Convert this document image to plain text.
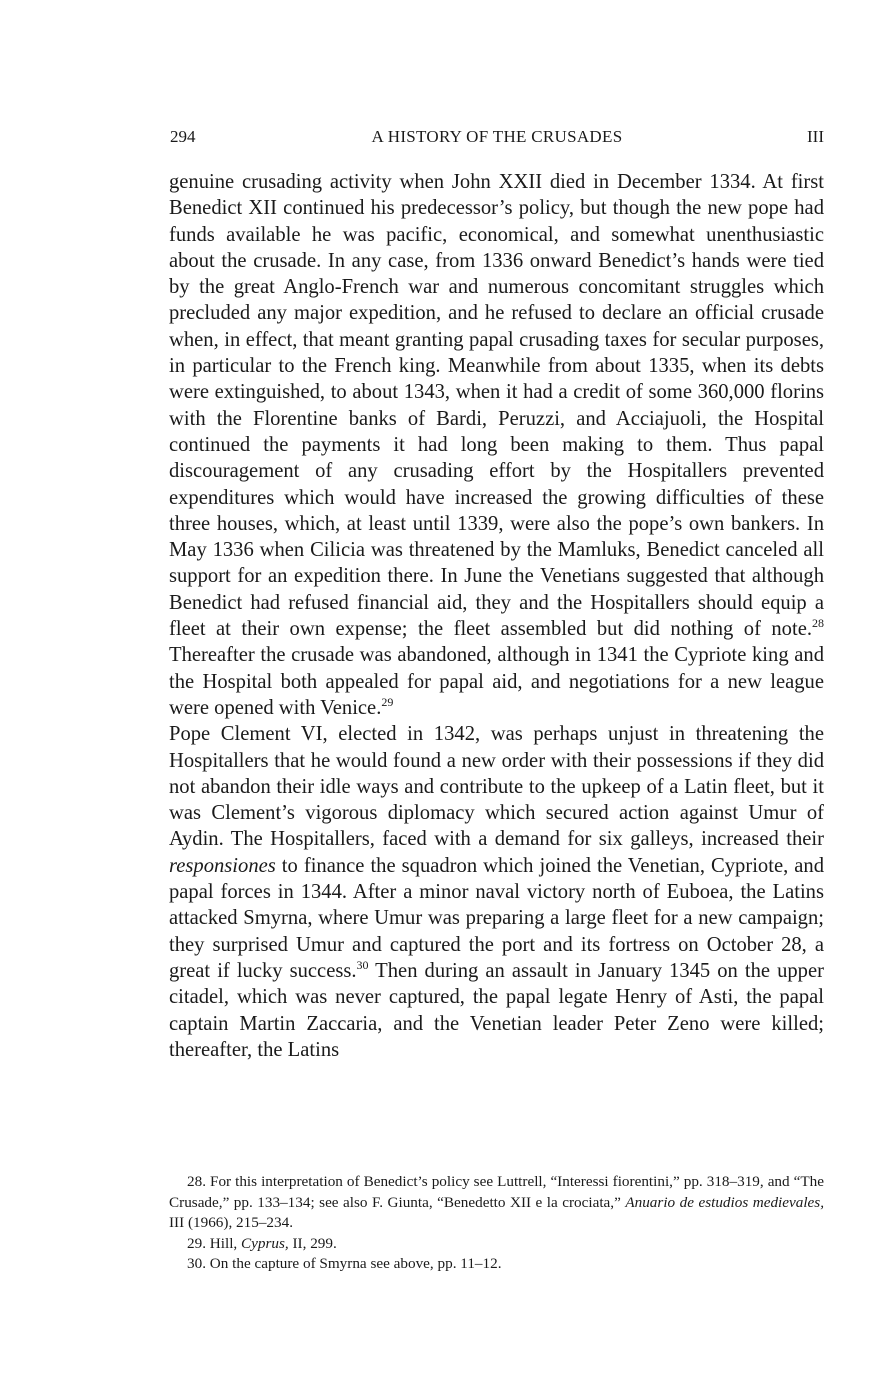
294	A HISTORY OF THE CRUSADES	III

genuine crusading activity when John XXII died in December 1334. At first Benedict XII continued his predecessor’s policy, but though the new pope had funds available he was pacific, economical, and somewhat unenthusiastic about the crusade. In any case, from 1336 onward Benedict’s hands were tied by the great Anglo-French war and numerous concomitant struggles which precluded any major expedition, and he refused to declare an official crusade when, in effect, that meant granting papal crusading taxes for secular purposes, in particular to the French king. Meanwhile from about 1335, when its debts were extinguished, to about 1343, when it had a credit of some 360,000 florins with the Florentine banks of Bardi, Peruzzi, and Acciajuoli, the Hospital continued the payments it had long been making to them. Thus papal discouragement of any crusading effort by the Hospitallers prevented expenditures which would have increased the growing difficulties of these three houses, which, at least until 1339, were also the pope’s own bankers. In May 1336 when Cilicia was threatened by the Mamluks, Benedict canceled all support for an expedition there. In June the Venetians suggested that although Benedict had refused financial aid, they and the Hospitallers should equip a fleet at their own expense; the fleet assembled but did nothing of note.$^{28}$ Thereafter the crusade was abandoned, although in 1341 the Cypriote king and the Hospital both appealed for papal aid, and negotiations for a new league were opened with Venice.$^{29}$

Pope Clement VI, elected in 1342, was perhaps unjust in threatening the Hospitallers that he would found a new order with their possessions if they did not abandon their idle ways and contribute to the upkeep of a Latin fleet, but it was Clement’s vigorous diplomacy which secured action against Umur of Aydin. The Hospitallers, faced with a demand for six galleys, increased their responsiones to finance the squadron which joined the Venetian, Cypriote, and papal forces in 1344. After a minor naval victory north of Euboea, the Latins attacked Smyrna, where Umur was preparing a large fleet for a new campaign; they surprised Umur and captured the port and its fortress on October 28, a great if lucky success.$^{30}$ Then during an assault in January 1345 on the upper citadel, which was never captured, the papal legate Henry of Asti, the papal captain Martin Zaccaria, and the Venetian leader Peter Zeno were killed; thereafter, the Latins

28. For this interpretation of Benedict’s policy see Luttrell, “Interessi fiorentini,” pp. 318–319, and “The Crusade,” pp. 133–134; see also F. Giunta, “Benedetto XII e la crociata,” Anuario de estudios medievales, III (1966), 215–234.

29. Hill, Cyprus, II, 299.

30. On the capture of Smyrna see above, pp. 11–12.
